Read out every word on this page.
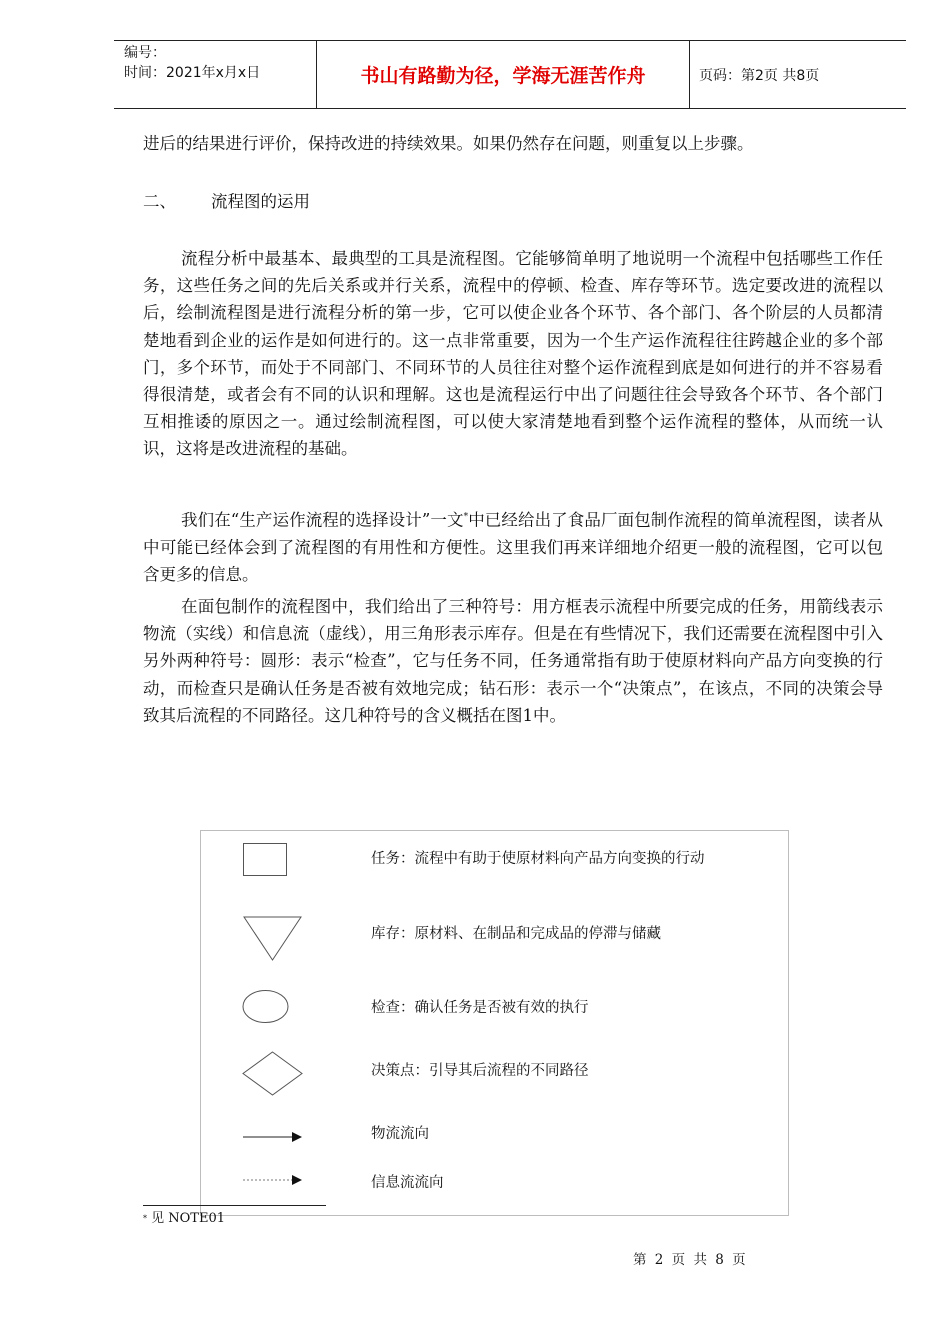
编号：
时间：2021年x月x日	书山有路勤为径，学海无涯苦作舟	页码：第2页 共8页

进后的结果进行评价，保持改进的持续效果。如果仍然存在问题，则重复以上步骤。

二、 流程图的运用

流程分析中最基本、最典型的工具是流程图。它能够简单明了地说明一个流程中包括哪些工作任务，这些任务之间的先后关系或并行关系，流程中的停顿、检查、库存等环节。选定要改进的流程以后，绘制流程图是进行流程分析的第一步，它可以使企业各个环节、各个部门、各个阶层的人员都清楚地看到企业的运作是如何进行的。这一点非常重要，因为一个生产运作流程往往跨越企业的多个部门，多个环节，而处于不同部门、不同环节的人员往往对整个运作流程到底是如何进行的并不容易看得很清楚，或者会有不同的认识和理解。这也是流程运行中出了问题往往会导致各个环节、各个部门互相推诿的原因之一。通过绘制流程图，可以使大家清楚地看到整个运作流程的整体，从而统一认识，这将是改进流程的基础。

我们在“生产运作流程的选择设计”一文*中已经给出了食品厂面包制作流程的简单流程图，读者从中可能已经体会到了流程图的有用性和方便性。这里我们再来详细地介绍更一般的流程图，它可以包含更多的信息。

在面包制作的流程图中，我们给出了三种符号：用方框表示流程中所要完成的任务，用箭线表示物流（实线）和信息流（虚线），用三角形表示库存。但是在有些情况下，我们还需要在流程图中引入另外两种符号：圆形：表示“检查”，它与任务不同，任务通常指有助于使原材料向产品方向变换的行动，而检查只是确认任务是否被有效地完成；钻石形：表示一个“决策点”，在该点，不同的决策会导致其后流程的不同路径。这几种符号的含义概括在图1中。

任务：流程中有助于使原材料向产品方向变换的行动
库存：原材料、在制品和完成品的停滞与储藏
检查：确认任务是否被有效的执行
决策点：引导其后流程的不同路径
物流流向
信息流流向
* 见 NOTE01
第 2 页 共 8 页
